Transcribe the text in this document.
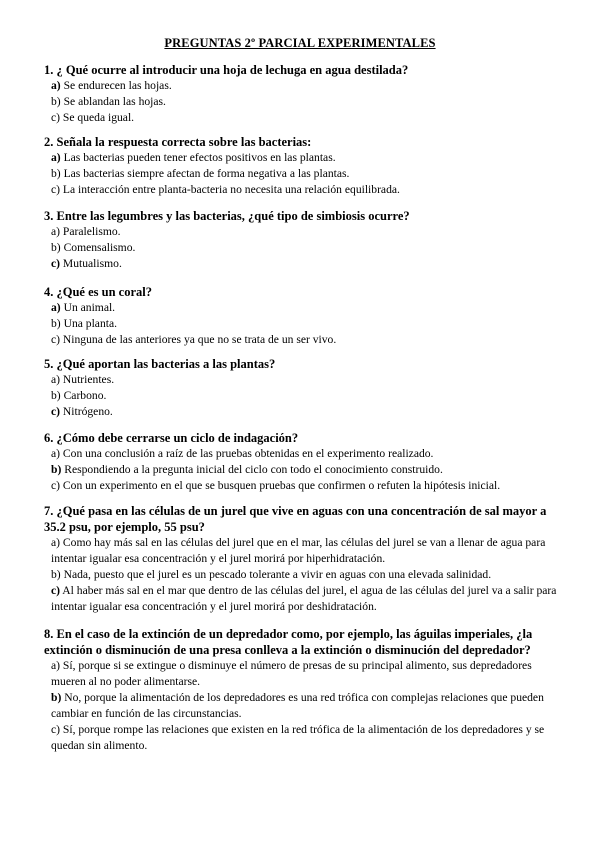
PREGUNTAS 2º PARCIAL EXPERIMENTALES
1. ¿ Qué ocurre al introducir una hoja de lechuga en agua destilada?
a) Se endurecen las hojas.
b) Se ablandan las hojas.
c) Se queda igual.
2. Señala la respuesta correcta sobre las bacterias:
a) Las bacterias pueden tener efectos positivos en las plantas.
b) Las bacterias siempre afectan de forma negativa a las plantas.
c) La interacción entre planta-bacteria no necesita una relación equilibrada.
3. Entre las legumbres y las bacterias, ¿qué tipo de simbiosis ocurre?
a) Paralelismo.
b) Comensalismo.
c) Mutualismo.
4. ¿Qué es un coral?
a) Un animal.
b) Una planta.
c) Ninguna de las anteriores ya que no se trata de un ser vivo.
5. ¿Qué aportan las bacterias a las plantas?
a) Nutrientes.
b) Carbono.
c) Nitrógeno.
6. ¿Cómo debe cerrarse un ciclo de indagación?
a) Con una conclusión a raíz de las pruebas obtenidas en el experimento realizado.
b) Respondiendo a la pregunta inicial del ciclo con todo el conocimiento construido.
c) Con un experimento en el que se busquen pruebas que confirmen o refuten la hipótesis inicial.
7. ¿Qué pasa en las células de un jurel que vive en aguas con una concentración de sal mayor a 35.2 psu, por ejemplo, 55 psu?
a) Como hay más sal en las células del jurel que en el mar, las células del jurel se van a llenar de agua para intentar igualar esa concentración y el jurel morirá por hiperhidratación.
b) Nada, puesto que el jurel es un pescado tolerante a vivir en aguas con una elevada salinidad.
c) Al haber más sal en el mar que dentro de las células del jurel, el agua de las células del jurel va a salir para intentar igualar esa concentración y el jurel morirá por deshidratación.
8. En el caso de la extinción de un depredador como, por ejemplo, las águilas imperiales, ¿la extinción o disminución de una presa conlleva a la extinción o disminución del depredador?
a) Sí, porque si se extingue o disminuye el número de presas de su principal alimento, sus depredadores mueren al no poder alimentarse.
b) No, porque la alimentación de los depredadores es una red trófica con complejas relaciones que pueden cambiar en función de las circunstancias.
c) Sí, porque rompe las relaciones que existen en la red trófica de la alimentación de los depredadores y se quedan sin alimento.
